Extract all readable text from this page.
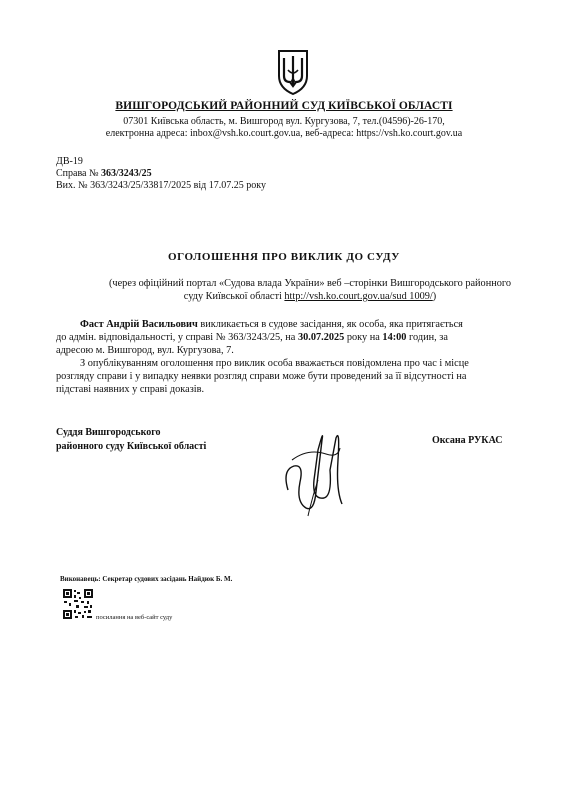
ВИШГОРОДСЬКИЙ РАЙОННИЙ СУД КИЇВСЬКОЇ ОБЛАСТІ
07301 Київська область, м. Вишгород вул. Кургузова, 7, тел.(04596)-26-170,
електронна адреса: inbox@vsh.ko.court.gov.ua, веб-адреса: https://vsh.ko.court.gov.ua
ДВ-19
Справа № 363/3243/25
Вих. № 363/3243/25/33817/2025 від 17.07.25 року
ОГОЛОШЕННЯ ПРО ВИКЛИК ДО СУДУ
(через офіційний портал «Судова влада України» веб –сторінки Вишгородського районного
суду Київської області http://vsh.ko.court.gov.ua/sud 1009/)
Фаст Андрій Васильович викликається в судове засідання, як особа, яка притягається
до адмін. відповідальності, у справі № 363/3243/25, на 30.07.2025 року на 14:00 годин, за
адресою м. Вишгород, вул. Кургузова, 7.
З опублікуванням оголошення про виклик особа вважається повідомлена про час і місце
розгляду справи і у випадку неявки розгляд справи може бути проведений за її відсутності на
підставі наявних у справі доказів.
Суддя Вишгородського
районного суду Київської області
Оксана РУКАС
Виконавець: Секретар судових засідань Найдюк Б. М.
посилання на веб-сайт суду
